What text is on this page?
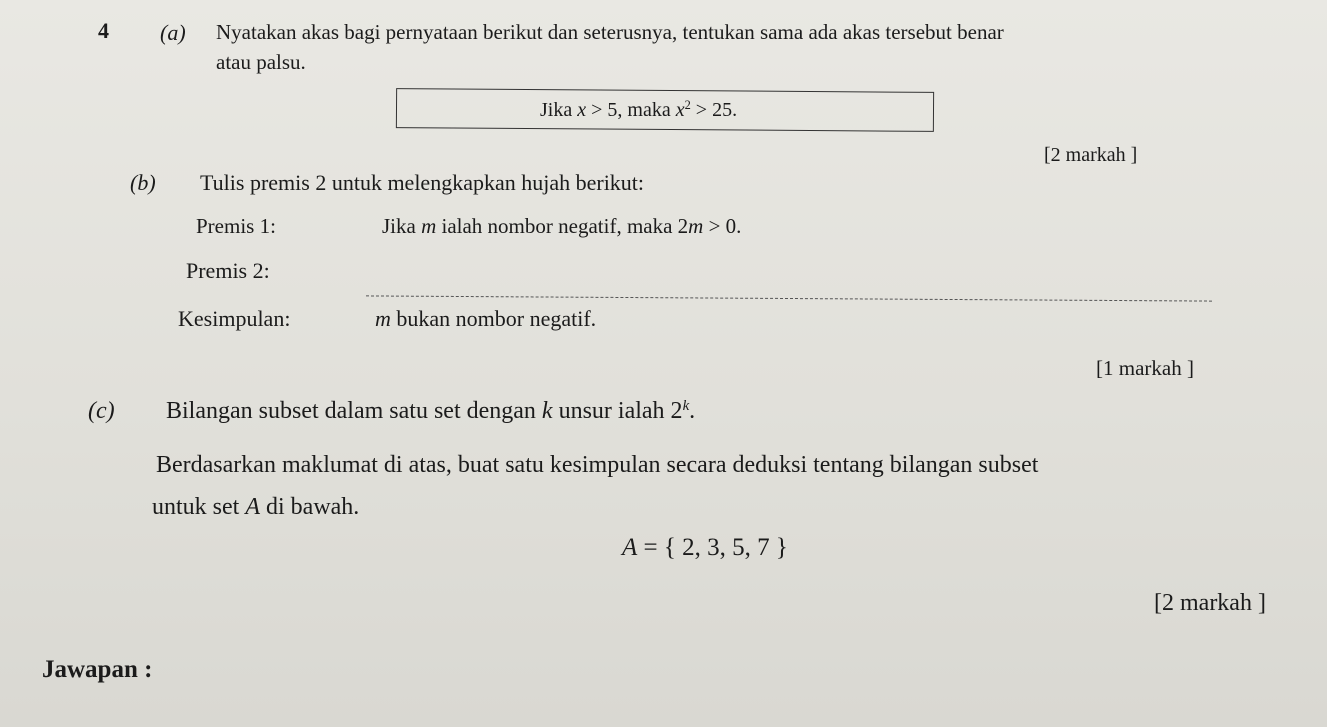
4 (a) Nyatakan akas bagi pernyataan berikut dan seterusnya, tentukan sama ada akas tersebut benar
atau palsu.
Jika x > 5, maka $x^2 > 25$.
[2 markah ]
(b) Tulis premis 2 untuk melengkapkan hujah berikut:
Premis 1:	Jika m ialah nombor negatif, maka 2m > 0.
Premis 2:
Kesimpulan:	m bukan nombor negatif.
[1 markah ]
(c) Bilangan subset dalam satu set dengan k unsur ialah 2$^k$.
Berdasarkan maklumat di atas, buat satu kesimpulan secara deduksi tentang bilangan subset
untuk set A di bawah.
A = { 2, 3, 5, 7 }
[2 markah ]
Jawapan :
